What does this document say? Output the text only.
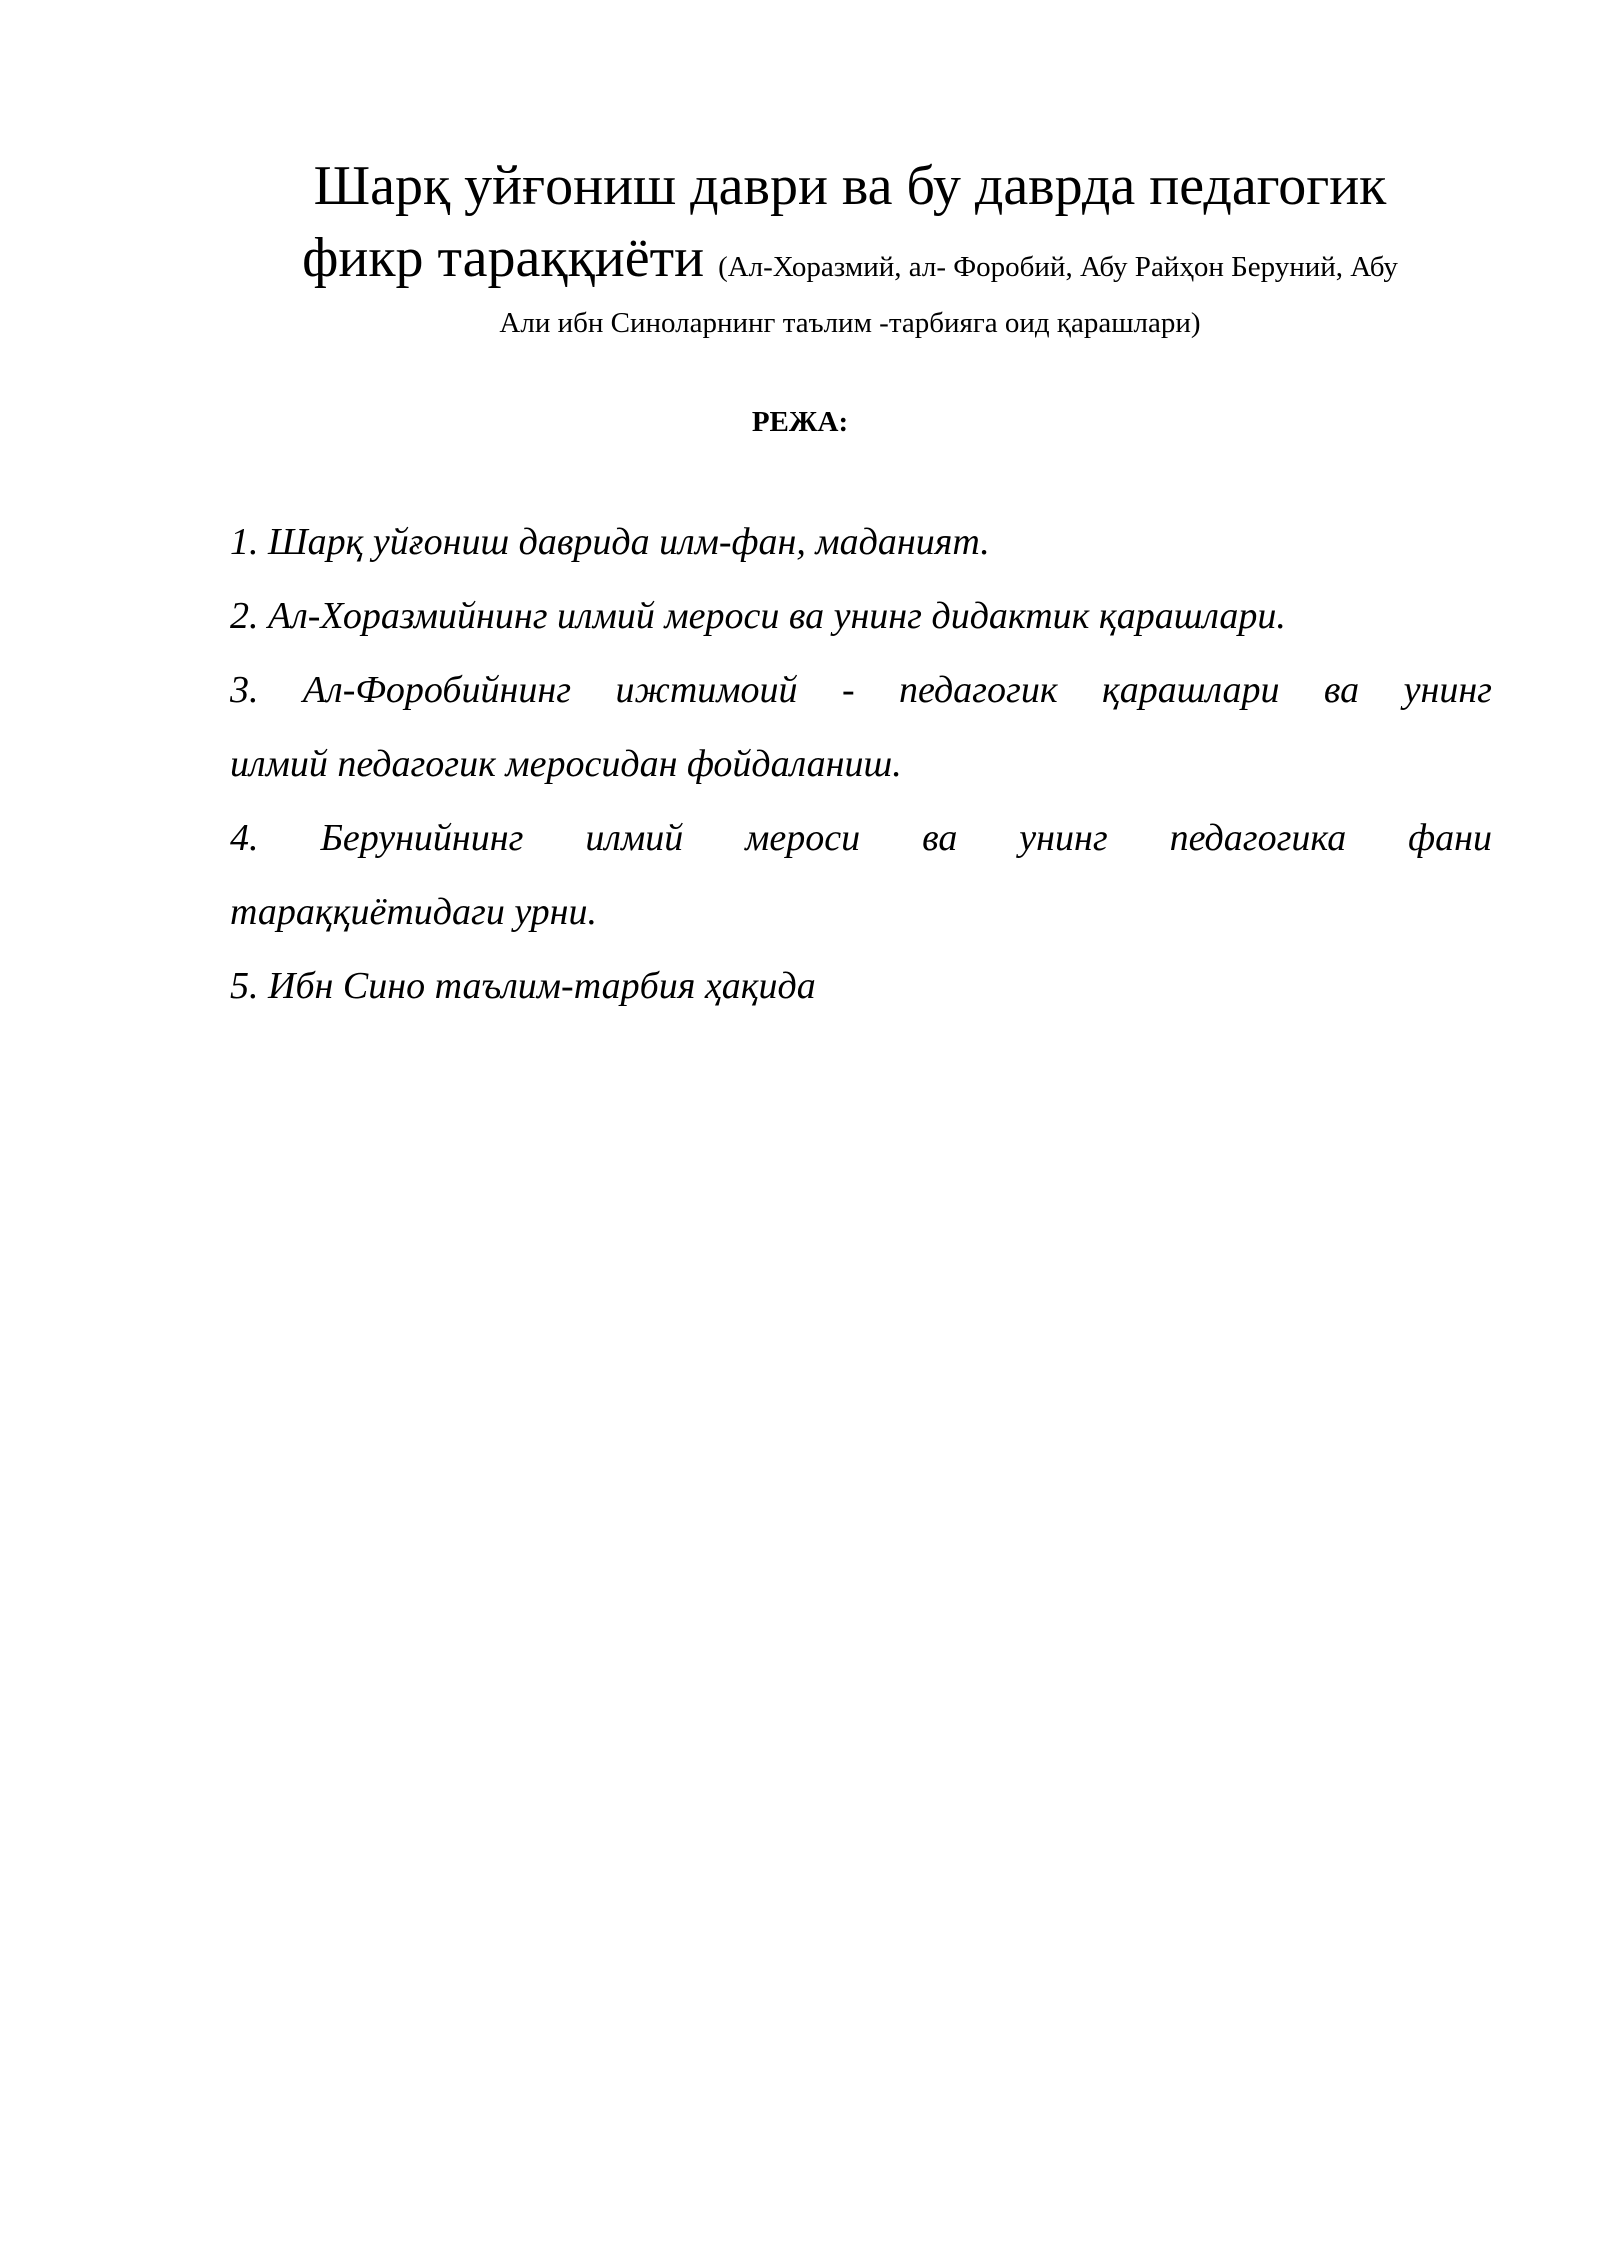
Шарқ уйғониш даври ва бу даврда педагогик
фикр тараққиёти (Ал-Хоразмий, ал- Форобий, Абу Райҳон Беруний, Абу
Али ибн Синоларнинг таълим -тарбияга оид қарашлари)
РЕЖА:
1. Шарқ уйғониш даврида илм-фан, маданият.
2. Ал-Хоразмийнинг илмий мероси ва унинг дидактик қарашлари.
3. Ал-Форобийнинг ижтимоий - педагогик қарашлари ва унинг
илмий педагогик меросидан фойдаланиш.
4. Берунийнинг илмий мероси ва унинг педагогика фани
тараққиётидаги урни.
5. Ибн Сино таълим-тарбия ҳақида
